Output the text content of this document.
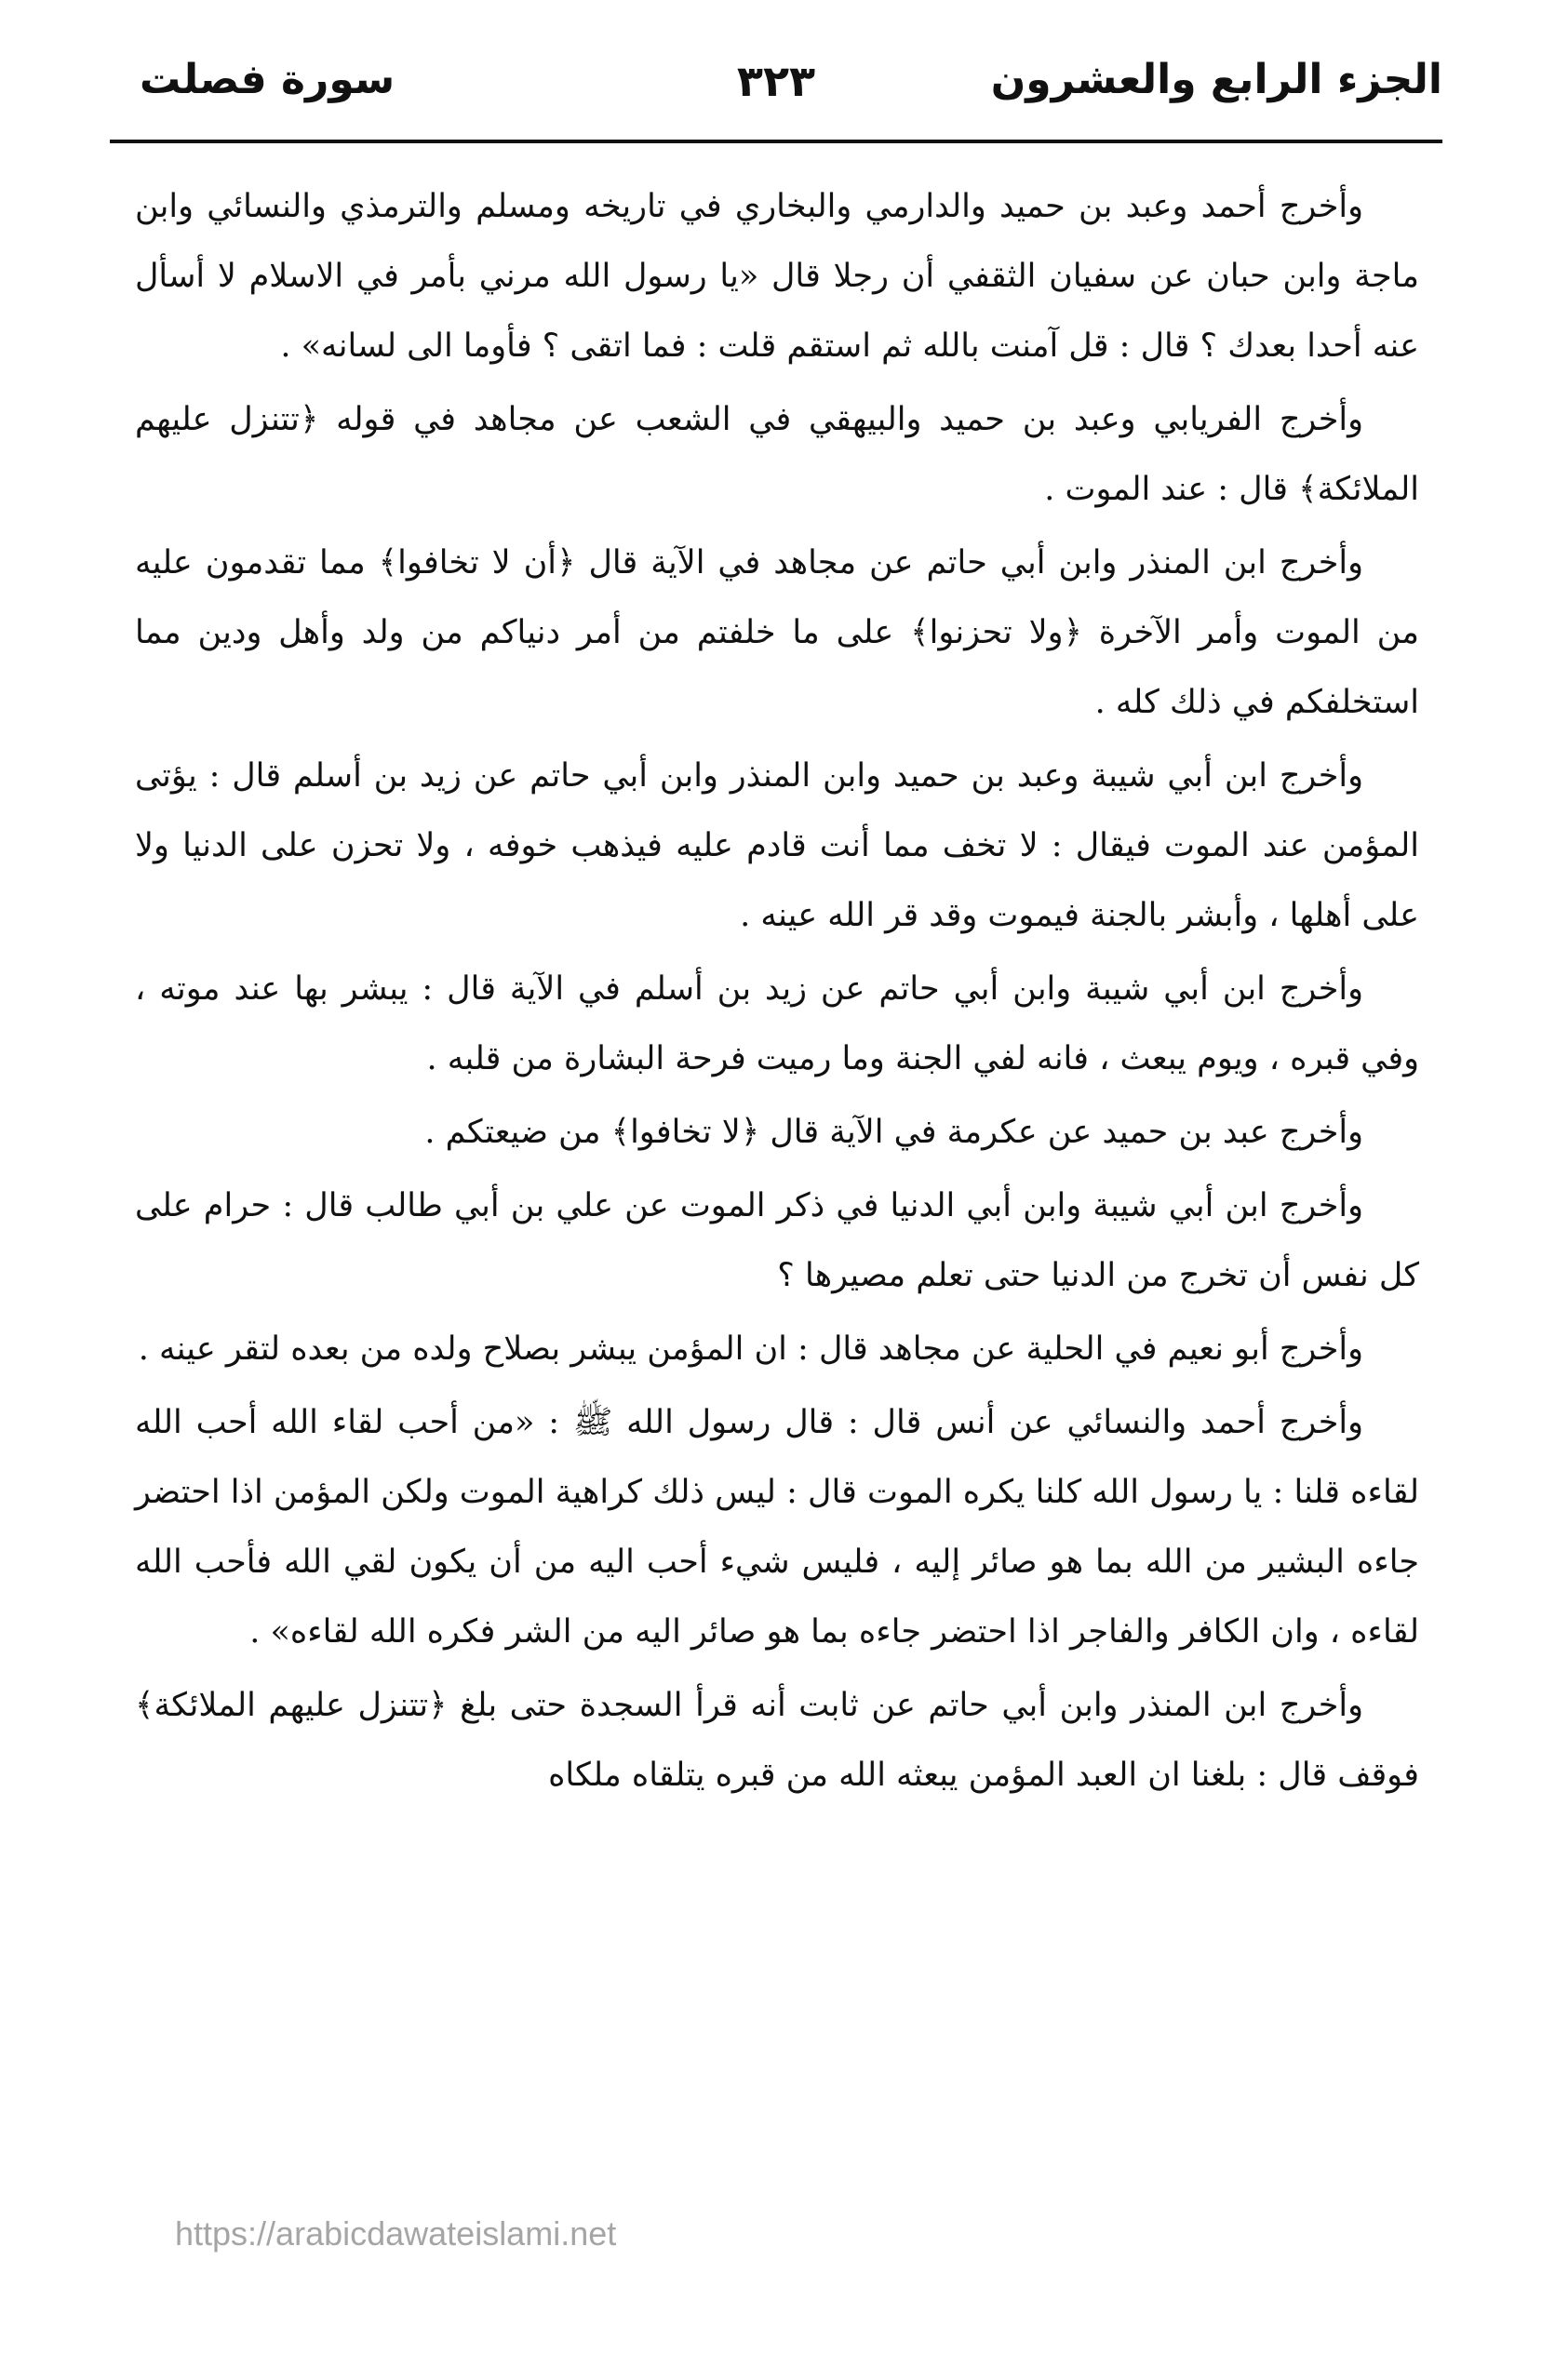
الجزء الرابع والعشرون
٣٢٣
سورة فصلت

وأخرج أحمد وعبد بن حميد والدارمي والبخاري في تاريخه ومسلم والترمذي والنسائي وابن ماجة وابن حبان عن سفيان الثقفي أن رجلا قال «يا رسول الله مرني بأمر في الاسلام لا أسأل عنه أحدا بعدك ؟ قال : قل آمنت بالله ثم استقم قلت : فما اتقى ؟ فأوما الى لسانه» .

وأخرج الفريابي وعبد بن حميد والبيهقي في الشعب عن مجاهد في قوله ﴿تتنزل عليهم الملائكة﴾ قال : عند الموت .

وأخرج ابن المنذر وابن أبي حاتم عن مجاهد في الآية قال ﴿أن لا تخافوا﴾ مما تقدمون عليه من الموت وأمر الآخرة ﴿ولا تحزنوا﴾ على ما خلفتم من أمر دنياكم من ولد وأهل ودين مما استخلفكم في ذلك كله .

وأخرج ابن أبي شيبة وعبد بن حميد وابن المنذر وابن أبي حاتم عن زيد بن أسلم قال : يؤتى المؤمن عند الموت فيقال : لا تخف مما أنت قادم عليه فيذهب خوفه ، ولا تحزن على الدنيا ولا على أهلها ، وأبشر بالجنة فيموت وقد قر الله عينه .

وأخرج ابن أبي شيبة وابن أبي حاتم عن زيد بن أسلم في الآية قال : يبشر بها عند موته ، وفي قبره ، ويوم يبعث ، فانه لفي الجنة وما رميت فرحة البشارة من قلبه .

وأخرج عبد بن حميد عن عكرمة في الآية قال ﴿لا تخافوا﴾ من ضيعتكم .

وأخرج ابن أبي شيبة وابن أبي الدنيا في ذكر الموت عن علي بن أبي طالب قال : حرام على كل نفس أن تخرج من الدنيا حتى تعلم مصيرها ؟

وأخرج أبو نعيم في الحلية عن مجاهد قال : ان المؤمن يبشر بصلاح ولده من بعده لتقر عينه .

وأخرج أحمد والنسائي عن أنس قال : قال رسول الله ﷺ : «من أحب لقاء الله أحب الله لقاءه قلنا : يا رسول الله كلنا يكره الموت قال : ليس ذلك كراهية الموت ولكن المؤمن اذا احتضر جاءه البشير من الله بما هو صائر إليه ، فليس شيء أحب اليه من أن يكون لقي الله فأحب الله لقاءه ، وان الكافر والفاجر اذا احتضر جاءه بما هو صائر اليه من الشر فكره الله لقاءه» .

وأخرج ابن المنذر وابن أبي حاتم عن ثابت أنه قرأ السجدة حتى بلغ ﴿تتنزل عليهم الملائكة﴾ فوقف قال : بلغنا ان العبد المؤمن يبعثه الله من قبره يتلقاه ملكاه

https://arabicdawateislami.net
